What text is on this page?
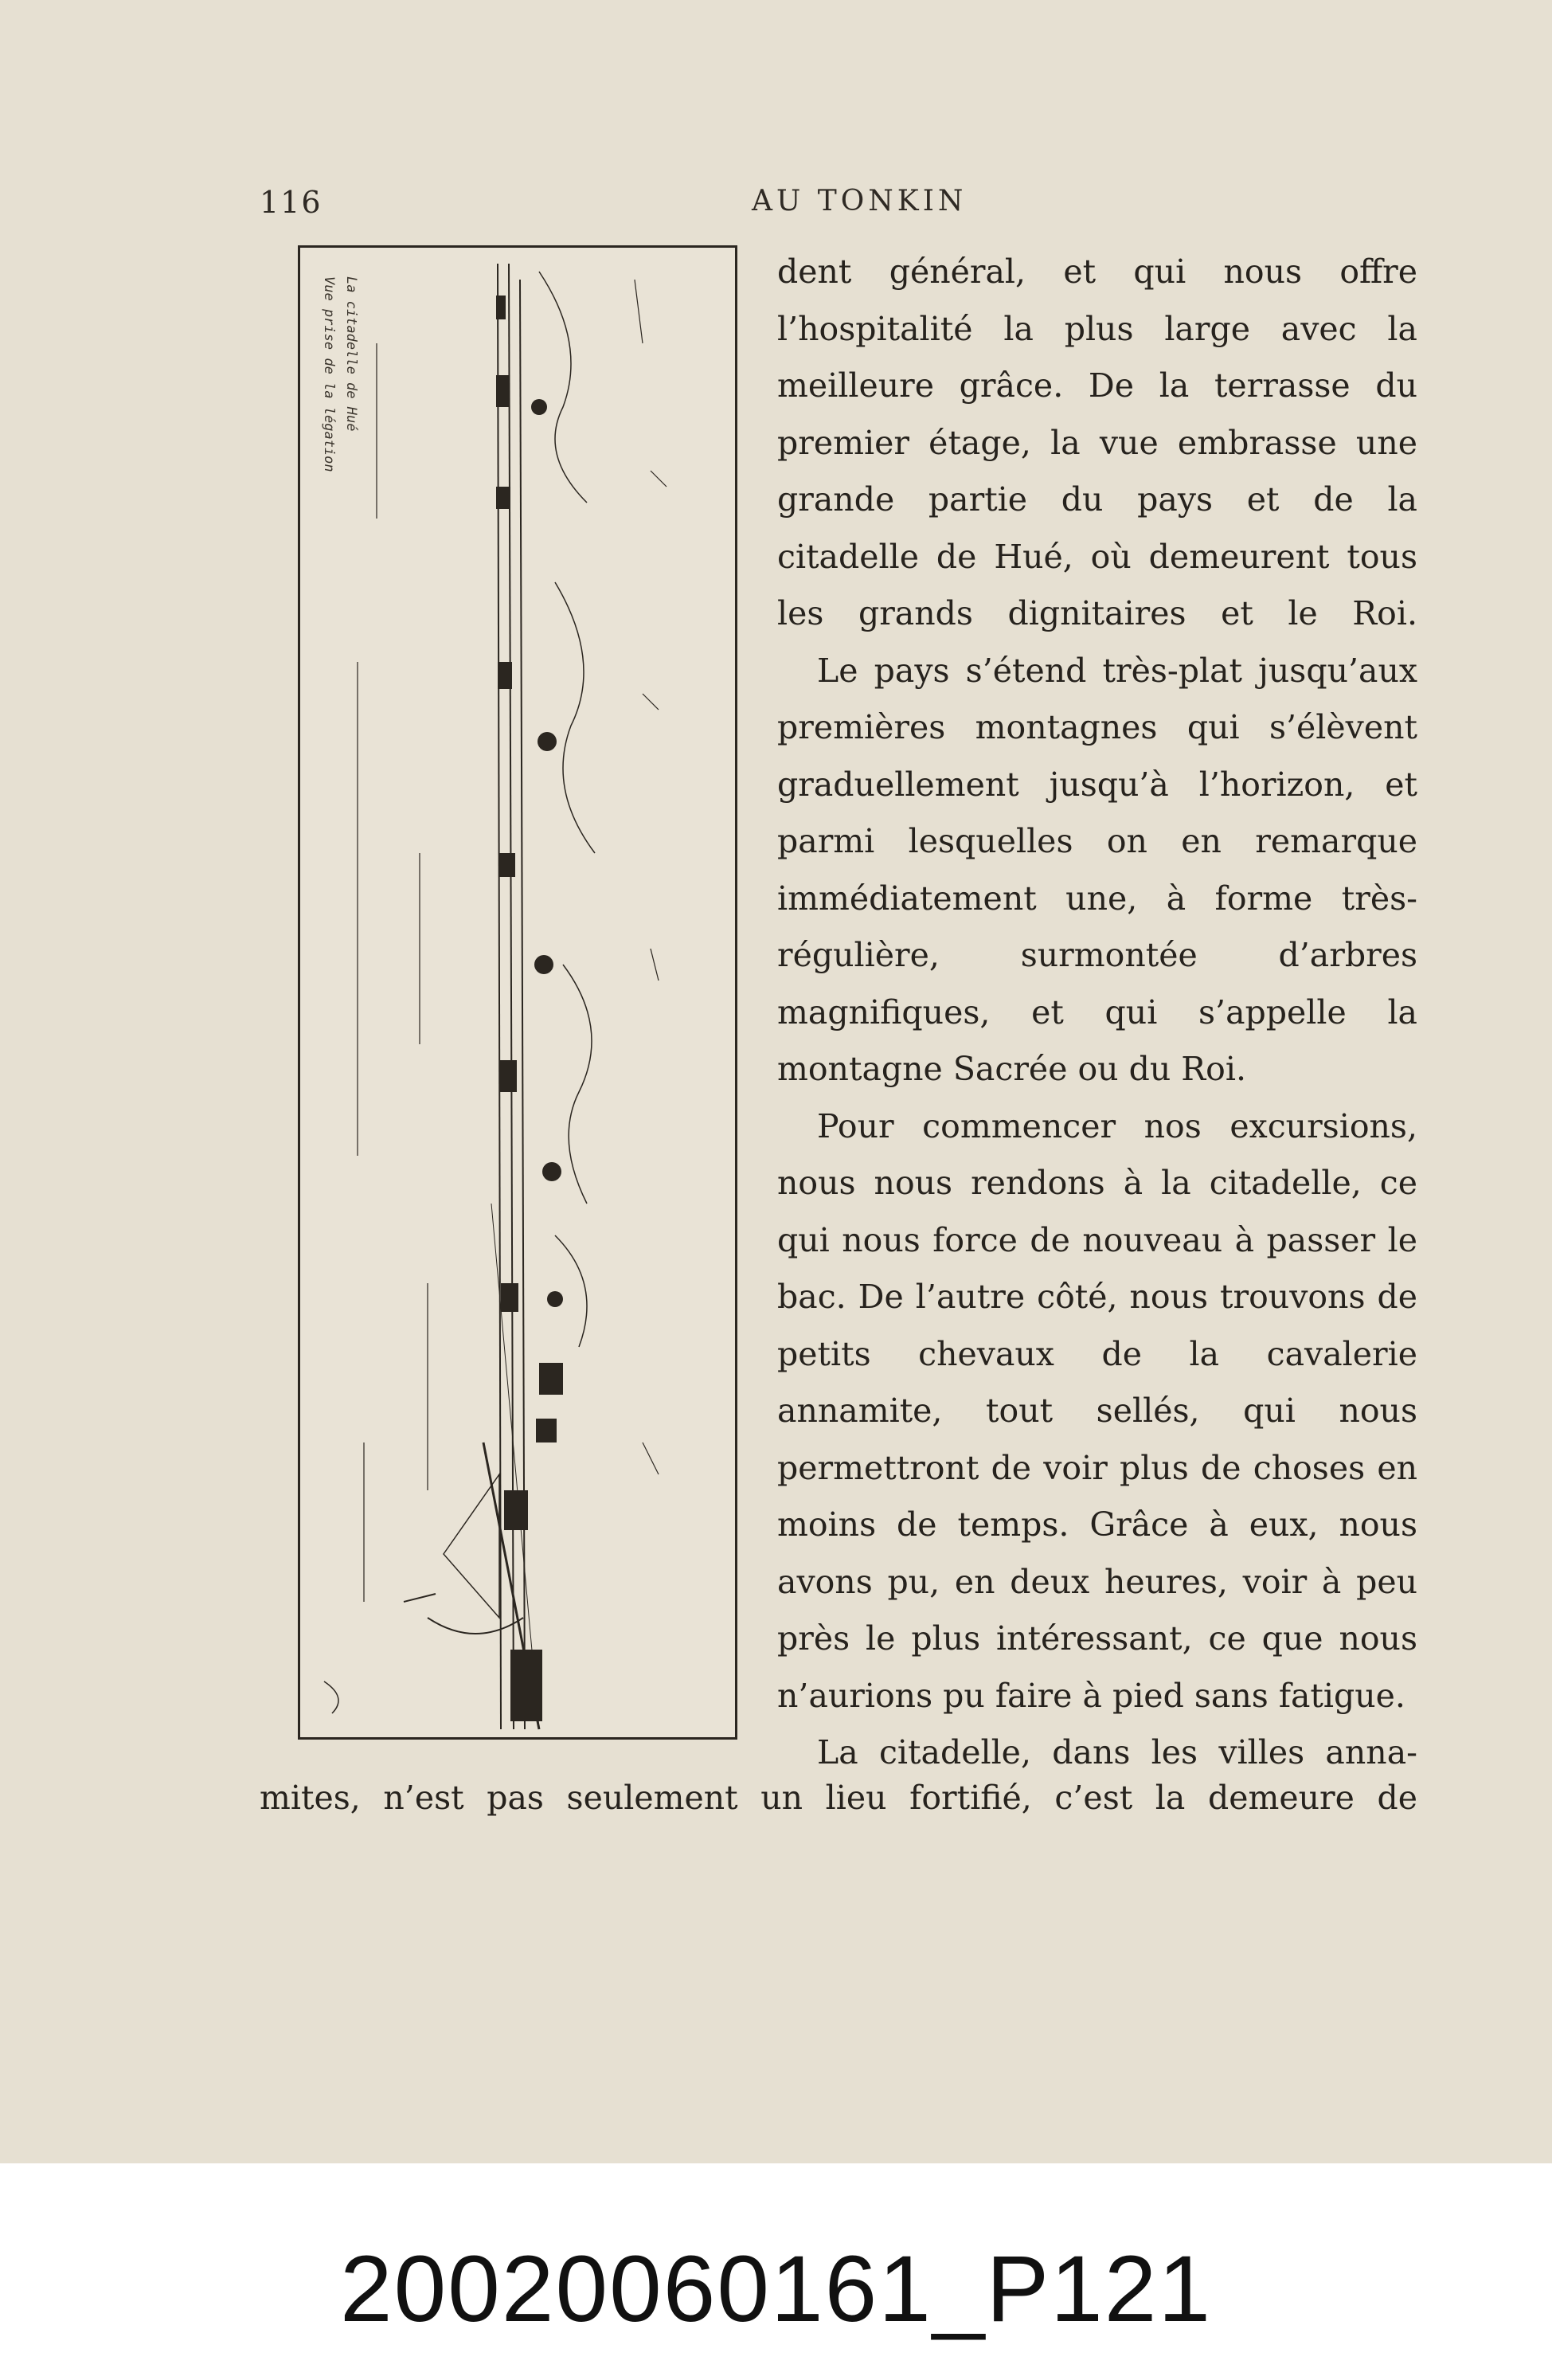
116	AU TONKIN
La citadelle de Hué
Vue prise de la légation

dent général, et qui nous offre l’hospitalité la plus large avec la meilleure grâce. De la terrasse du premier étage, la vue embrasse une grande partie du pays et de la citadelle de Hué, où demeurent tous les grands dignitaires et le Roi.

Le pays s’étend très-plat jusqu’aux premières montagnes qui s’élèvent graduellement jusqu’à l’horizon, et parmi lesquelles on en remarque immédiatement une, à forme très-régulière, surmontée d’arbres magnifiques, et qui s’appelle la montagne Sacrée ou du Roi.

Pour commencer nos excursions, nous nous rendons à la citadelle, ce qui nous force de nouveau à passer le bac. De l’autre côté, nous trouvons de petits chevaux de la cavalerie annamite, tout sellés, qui nous permettront de voir plus de choses en moins de temps. Grâce à eux, nous avons pu, en deux heures, voir à peu près le plus intéressant, ce que nous n’aurions pu faire à pied sans fatigue.

La citadelle, dans les villes anna-

mites, n’est pas seulement un lieu fortifié, c’est la demeure de
20020060161_P121
